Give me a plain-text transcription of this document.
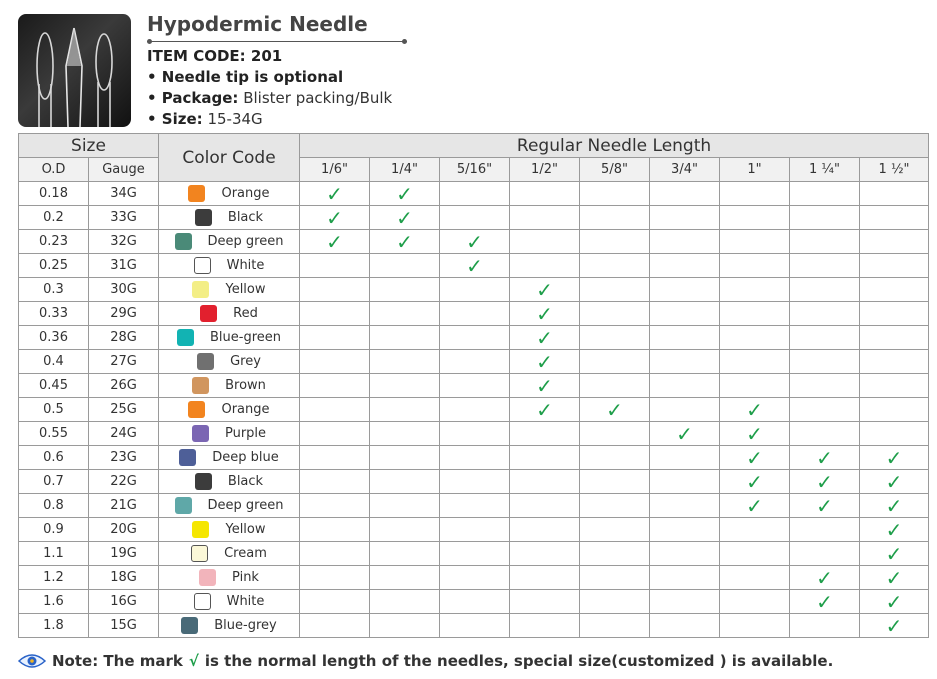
Hypodermic Needle
ITEM CODE: 201
• Needle tip is optional
• Package: Blister packing/Bulk
• Size: 15-34G
Size		Color Code	Regular Needle Length								
O.D	Gauge		1/6"	1/4"	5/16"	1/2"	5/8"	3/4"	1"	1 ¼"	1 ½"
0.18	34G	Orange	✓	✓							
0.2	33G	Black	✓	✓							
0.23	32G	Deep green	✓	✓	✓						
0.25	31G	White			✓						
0.3	30G	Yellow				✓					
0.33	29G	Red				✓					
0.36	28G	Blue-green				✓					
0.4	27G	Grey				✓					
0.45	26G	Brown				✓					
0.5	25G	Orange				✓	✓		✓		
0.55	24G	Purple						✓	✓		
0.6	23G	Deep blue							✓	✓	✓
0.7	22G	Black							✓	✓	✓
0.8	21G	Deep green							✓	✓	✓
0.9	20G	Yellow									✓
1.1	19G	Cream									✓
1.2	18G	Pink								✓	✓
1.6	16G	White								✓	✓
1.8	15G	Blue-grey									✓
Note: The mark √ is the normal length of the needles, special size(customized ) is available.
